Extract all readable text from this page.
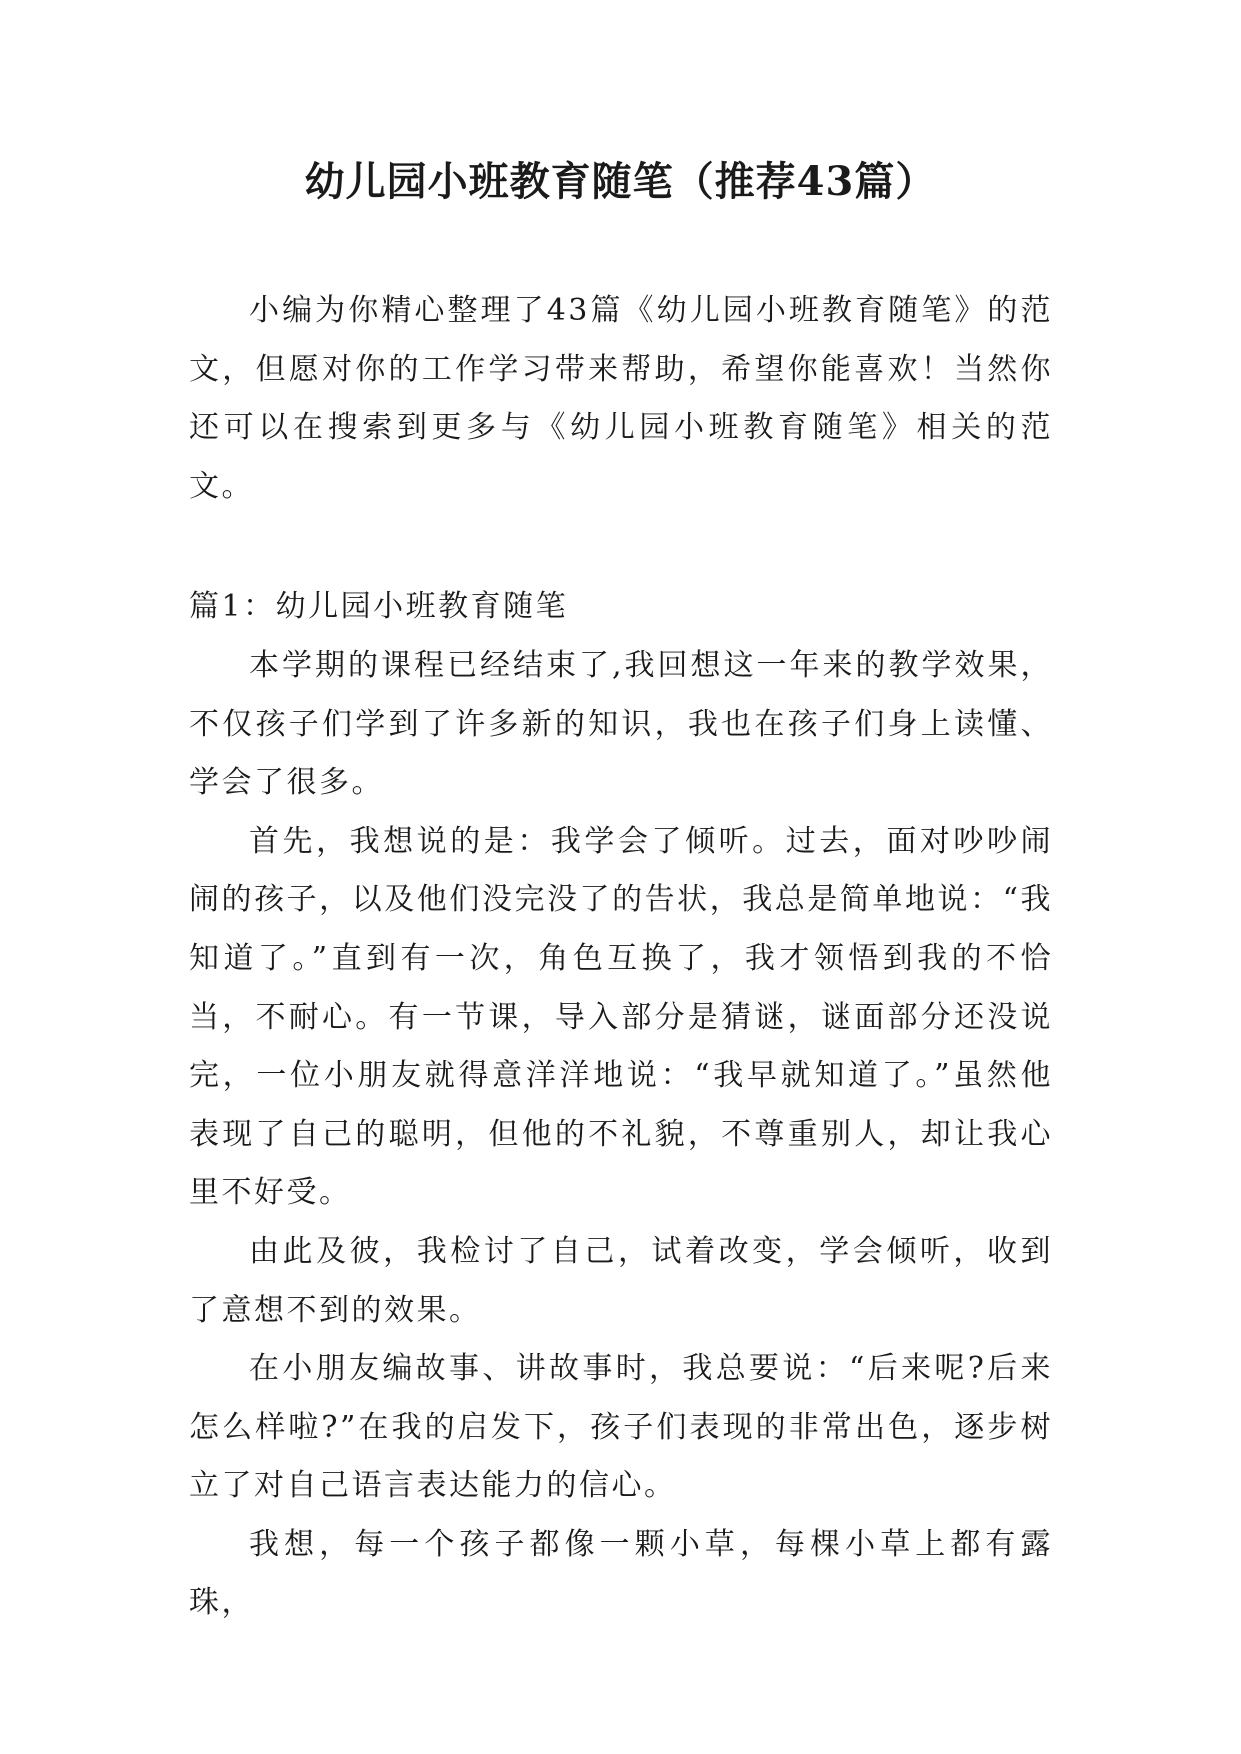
幼儿园小班教育随笔（推荐43篇）

小编为你精心整理了43篇《幼儿园小班教育随笔》的范文，但愿对你的工作学习带来帮助，希望你能喜欢！当然你还可以在搜索到更多与《幼儿园小班教育随笔》相关的范文。

篇1：幼儿园小班教育随笔

本学期的课程已经结束了,我回想这一年来的教学效果，不仅孩子们学到了许多新的知识，我也在孩子们身上读懂、学会了很多。

首先，我想说的是：我学会了倾听。过去，面对吵吵闹闹的孩子，以及他们没完没了的告状，我总是简单地说：“我知道了。”直到有一次，角色互换了，我才领悟到我的不恰当，不耐心。有一节课，导入部分是猜谜，谜面部分还没说完，一位小朋友就得意洋洋地说：“我早就知道了。”虽然他表现了自己的聪明，但他的不礼貌，不尊重别人，却让我心里不好受。

由此及彼，我检讨了自己，试着改变，学会倾听，收到了意想不到的效果。

在小朋友编故事、讲故事时，我总要说：“后来呢?后来怎么样啦?”在我的启发下，孩子们表现的非常出色，逐步树立了对自己语言表达能力的信心。

我想，每一个孩子都像一颗小草，每棵小草上都有露珠，
